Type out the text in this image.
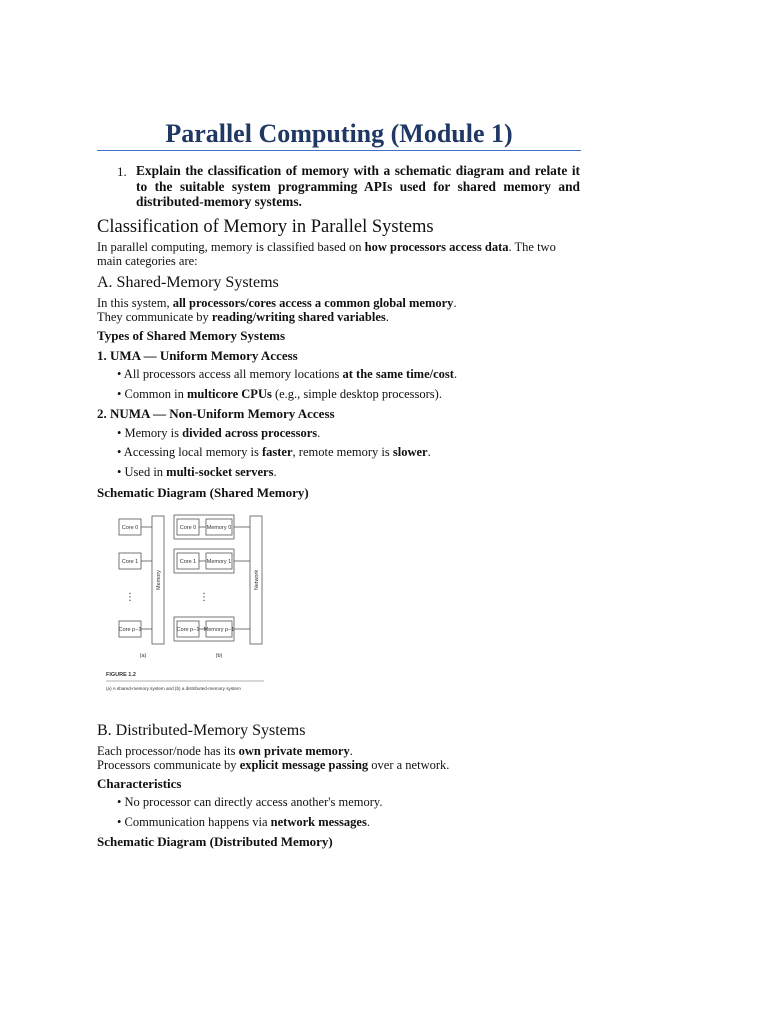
Parallel Computing (Module 1)
1. Explain the classification of memory with a schematic diagram and relate it to the suitable system programming APIs used for shared memory and distributed-memory systems.
Classification of Memory in Parallel Systems
In parallel computing, memory is classified based on how processors access data. The two main categories are:
A. Shared-Memory Systems
In this system, all processors/cores access a common global memory.
They communicate by reading/writing shared variables.
Types of Shared Memory Systems
1. UMA — Uniform Memory Access
• All processors access all memory locations at the same time/cost.
• Common in multicore CPUs (e.g., simple desktop processors).
2. NUMA — Non-Uniform Memory Access
• Memory is divided across processors.
• Accessing local memory is faster, remote memory is slower.
• Used in multi-socket servers.
Schematic Diagram (Shared Memory)
Core 0
Core 1
Core p−1
Core 0
Core 1
Core p−1
Memory 0
Memory 1
Memory p−1
Memory	Network
(a)	(b)
⋮	⋮
FIGURE 1.2
(a) A shared-memory system and (b) a distributed-memory system
B. Distributed-Memory Systems
Each processor/node has its own private memory.
Processors communicate by explicit message passing over a network.
Characteristics
• No processor can directly access another's memory.
• Communication happens via network messages.
Schematic Diagram (Distributed Memory)
